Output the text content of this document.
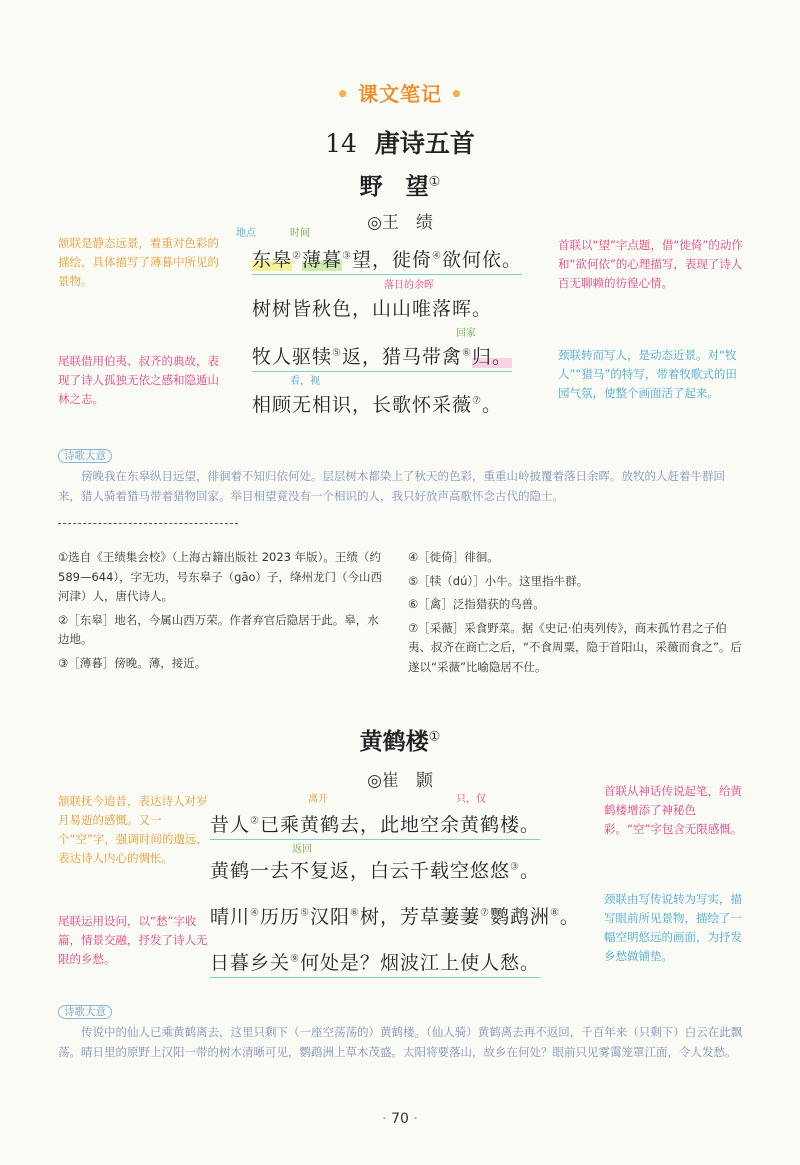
• 课文笔记 •
14 唐诗五首
野　望①
◎王　绩
地点	时间
东皋②薄暮③望，徙倚④欲何依。
落日的余晖
树树皆秋色，山山唯落晖。
回家
牧人驱犊⑤返，猎马带禽⑥归。
看，视
相顾无相识，长歌怀采薇⑦。
颔联是静态远景，着重对色彩的描绘，具体描写了薄暮中所见的景物。
尾联借用伯夷、叔齐的典故，表现了诗人孤独无依之感和隐遁山林之志。
首联以“望”字点题，借“徙倚”的动作和“欲何依”的心理描写，表现了诗人百无聊赖的彷徨心情。
颈联转而写人，是动态近景。对“牧人”“猎马”的特写，带着牧歌式的田园气氛，使整个画面活了起来。
诗歌大意
傍晚我在东皋纵目远望，徘徊着不知归依何处。层层树木都染上了秋天的色彩，重重山岭披覆着落日余晖。放牧的人赶着牛群回来，猎人骑着猎马带着猎物回家。举目相望竟没有一个相识的人，我只好放声高歌怀念古代的隐士。
①选自《王绩集会校》（上海古籍出版社 2023 年版）。王绩（约 589—644），字无功，号东皋子（gāo）子，绛州龙门（今山西河津）人，唐代诗人。
②［东皋］地名，今属山西万荣。作者弃官后隐居于此。皋，水边地。
③［薄暮］傍晚。薄，接近。
④［徙倚］徘徊。
⑤［犊（dú）］小牛。这里指牛群。
⑥［禽］泛指猎获的鸟兽。
⑦［采薇］采食野菜。据《史记·伯夷列传》，商末孤竹君之子伯夷、叔齐在商亡之后，“不食周粟，隐于首阳山，采薇而食之”。后遂以“采薇”比喻隐居不仕。
黄鹤楼①
◎崔　颢
离开	只，仅
昔人②已乘黄鹤去，此地空余黄鹤楼。
返回
黄鹤一去不复返，白云千载空悠悠③。
晴川④历历⑤汉阳⑥树，芳草萋萋⑦鹦鹉洲⑧。
日暮乡关⑨何处是？烟波江上使人愁。
颔联抚今追昔，表达诗人对岁月易逝的感慨。又一个“空”字，强调时间的邈远，表达诗人内心的惆怅。
尾联运用设问，以“愁”字收篇，情景交融，抒发了诗人无限的乡愁。
首联从神话传说起笔，给黄鹤楼增添了神秘色彩。“空”字包含无限感慨。
颈联由写传说转为写实，描写眼前所见景物，描绘了一幅空明悠远的画面，为抒发乡愁做铺垫。
诗歌大意
传说中的仙人已乘黄鹤离去，这里只剩下（一座空荡荡的）黄鹤楼。（仙人骑）黄鹤离去再不返回，千百年来（只剩下）白云在此飘荡。晴日里的原野上汉阳一带的树木清晰可见，鹦鹉洲上草木茂盛。太阳将要落山，故乡在何处？眼前只见雾霭笼罩江面，令人发愁。
· 70 ·
